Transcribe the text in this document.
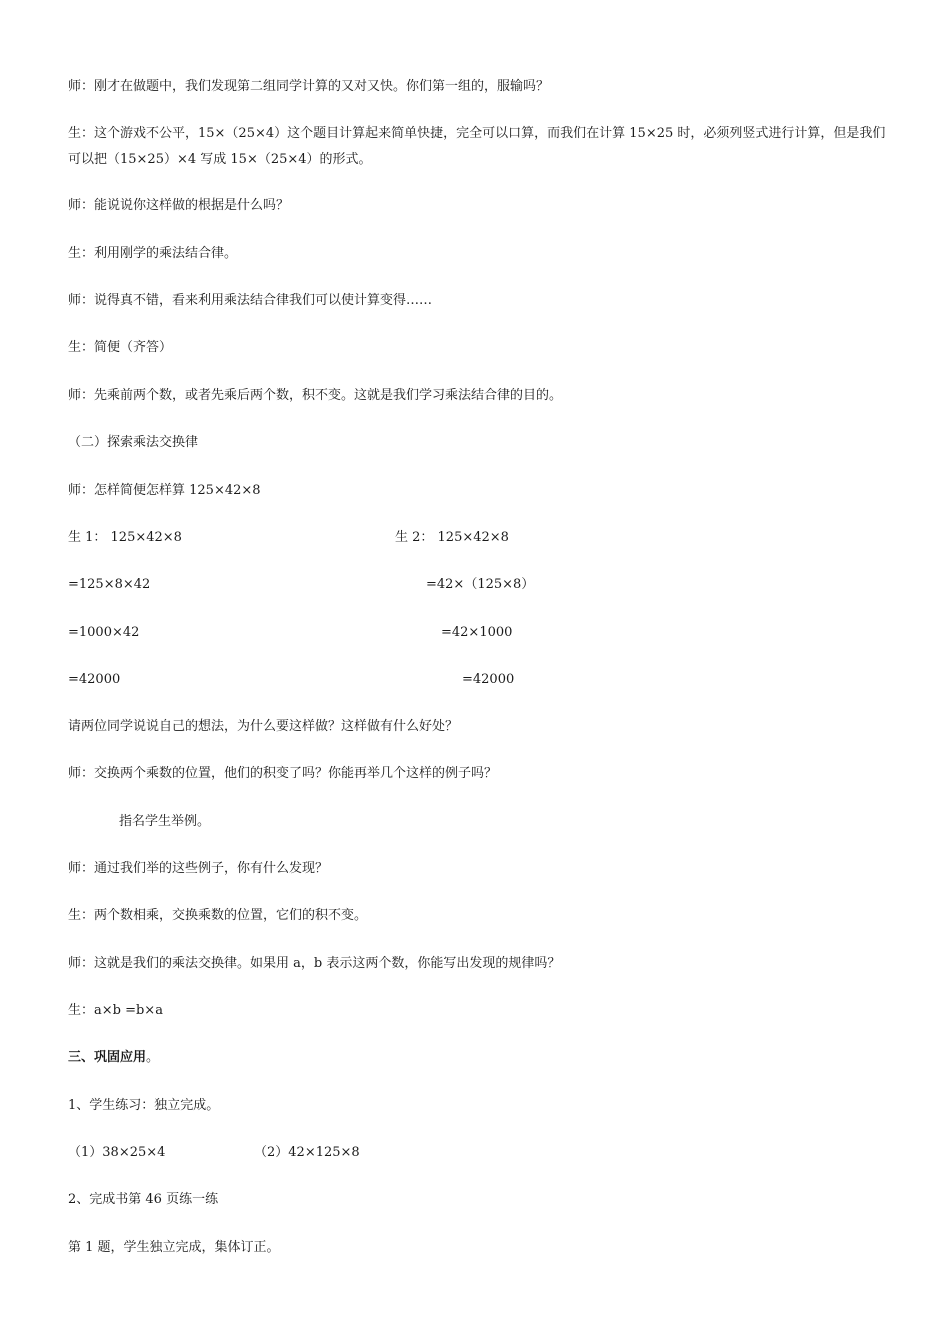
师：刚才在做题中，我们发现第二组同学计算的又对又快。你们第一组的，服输吗？
生：这个游戏不公平，15×（25×4）这个题目计算起来简单快捷，完全可以口算，而我们在计算 15×25 时，必须列竖式进行计算，但是我们可以把（15×25）×4 写成 15×（25×4）的形式。
师：能说说你这样做的根据是什么吗？
生：利用刚学的乘法结合律。
师：说得真不错，看来利用乘法结合律我们可以使计算变得……
生：简便（齐答）
师：先乘前两个数，或者先乘后两个数，积不变。这就是我们学习乘法结合律的目的。
（二）探索乘法交换律
师：怎样简便怎样算 125×42×8
生 1： 125×42×8	生 2： 125×42×8
=125×8×42	=42×（125×8）
=1000×42	=42×1000
=42000	=42000
请两位同学说说自己的想法，为什么要这样做？这样做有什么好处？
师：交换两个乘数的位置，他们的积变了吗？你能再举几个这样的例子吗？
指名学生举例。
师：通过我们举的这些例子，你有什么发现？
生：两个数相乘，交换乘数的位置，它们的积不变。
师：这就是我们的乘法交换律。如果用 a，b 表示这两个数，你能写出发现的规律吗？
生：a×b =b×a
三、巩固应用。
1、学生练习：独立完成。
（1）38×25×4	（2）42×125×8
2、完成书第 46 页练一练
第 1 题，学生独立完成，集体订正。
